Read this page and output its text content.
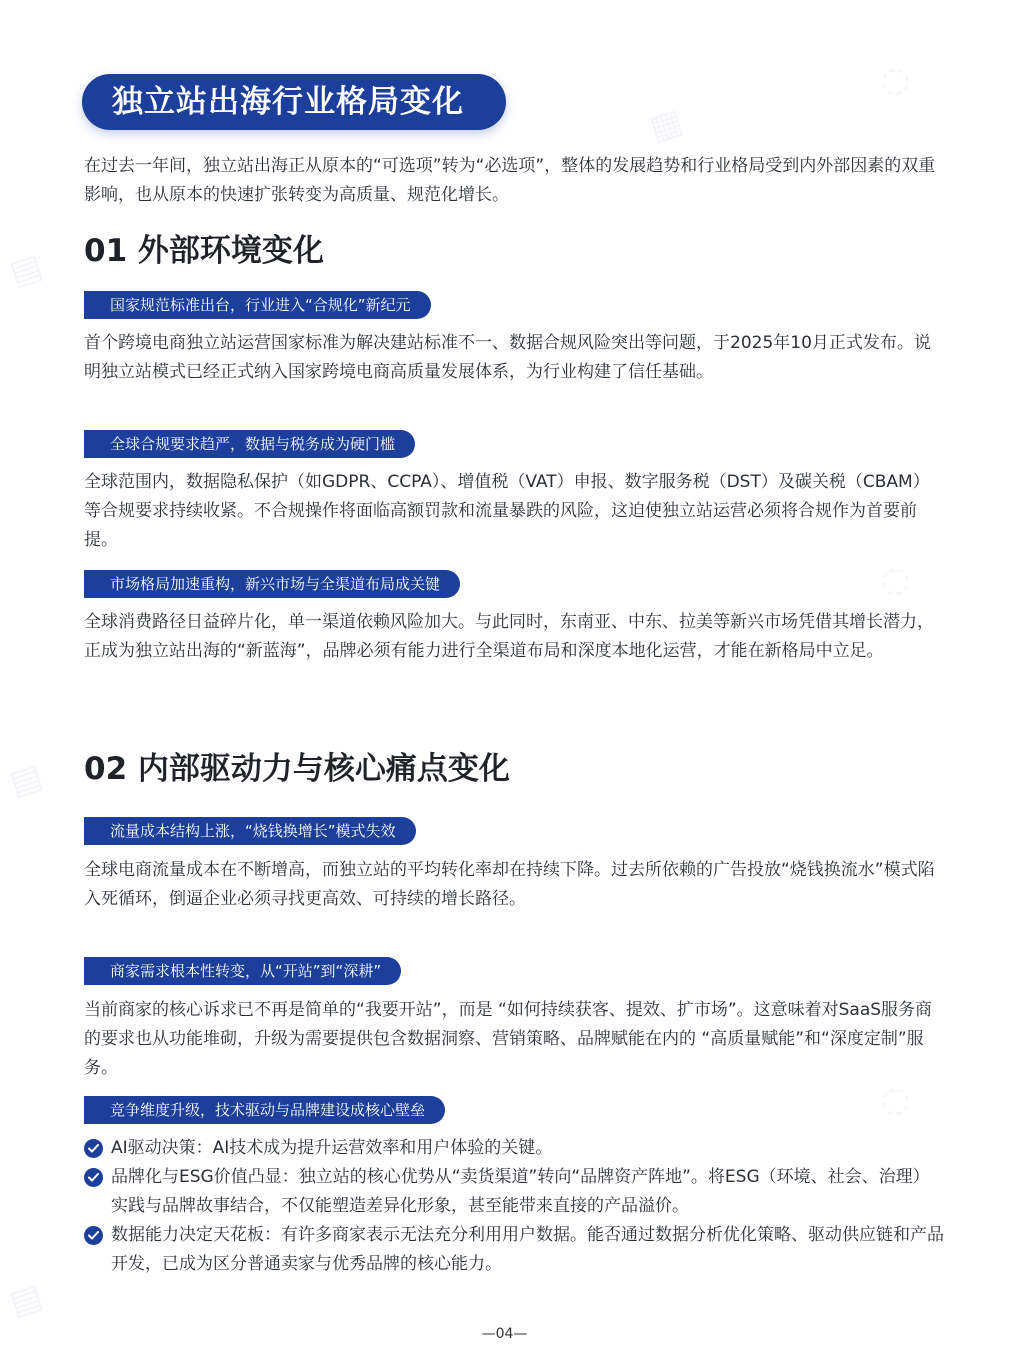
◌
▦
▤
◌
▤
◌
▤
独立站出海行业格局变化

在过去一年间，独立站出海正从原本的“可选项”转为“必选项”，整体的发展趋势和行业格局受到内外部因素的双重影响，也从原本的快速扩张转变为高质量、规范化增长。

01 外部环境变化
国家规范标准出台，行业进入“合规化”新纪元

首个跨境电商独立站运营国家标准为解决建站标准不一、数据合规风险突出等问题，于2025年10月正式发布。说明独立站模式已经正式纳入国家跨境电商高质量发展体系，为行业构建了信任基础。

全球合规要求趋严，数据与税务成为硬门槛

全球范围内，数据隐私保护（如GDPR、CCPA）、增值税（VAT）申报、数字服务税（DST）及碳关税（CBAM）等合规要求持续收紧。不合规操作将面临高额罚款和流量暴跌的风险，这迫使独立站运营必须将合规作为首要前提。

市场格局加速重构，新兴市场与全渠道布局成关键

全球消费路径日益碎片化，单一渠道依赖风险加大。与此同时，东南亚、中东、拉美等新兴市场凭借其增长潜力，正成为独立站出海的“新蓝海”，品牌必须有能力进行全渠道布局和深度本地化运营，才能在新格局中立足。

02 内部驱动力与核心痛点变化
流量成本结构上涨，“烧钱换增长”模式失效

全球电商流量成本在不断增高，而独立站的平均转化率却在持续下降。过去所依赖的广告投放“烧钱换流水”模式陷入死循环，倒逼企业必须寻找更高效、可持续的增长路径。

商家需求根本性转变，从“开站”到“深耕”

当前商家的核心诉求已不再是简单的“我要开站”，而是 “如何持续获客、提效、扩市场”。这意味着对SaaS服务商的要求也从功能堆砌，升级为需要提供包含数据洞察、营销策略、品牌赋能在内的 “高质量赋能”和“深度定制”服务。

竞争维度升级，技术驱动与品牌建设成核心壁垒
AI驱动决策：AI技术成为提升运营效率和用户体验的关键。
品牌化与ESG价值凸显：独立站的核心优势从“卖货渠道”转向“品牌资产阵地”。将ESG（环境、社会、治理）实践与品牌故事结合，不仅能塑造差异化形象，甚至能带来直接的产品溢价。
数据能力决定天花板：有许多商家表示无法充分利用用户数据。能否通过数据分析优化策略、驱动供应链和产品开发，已成为区分普通卖家与优秀品牌的核心能力。
—04—
